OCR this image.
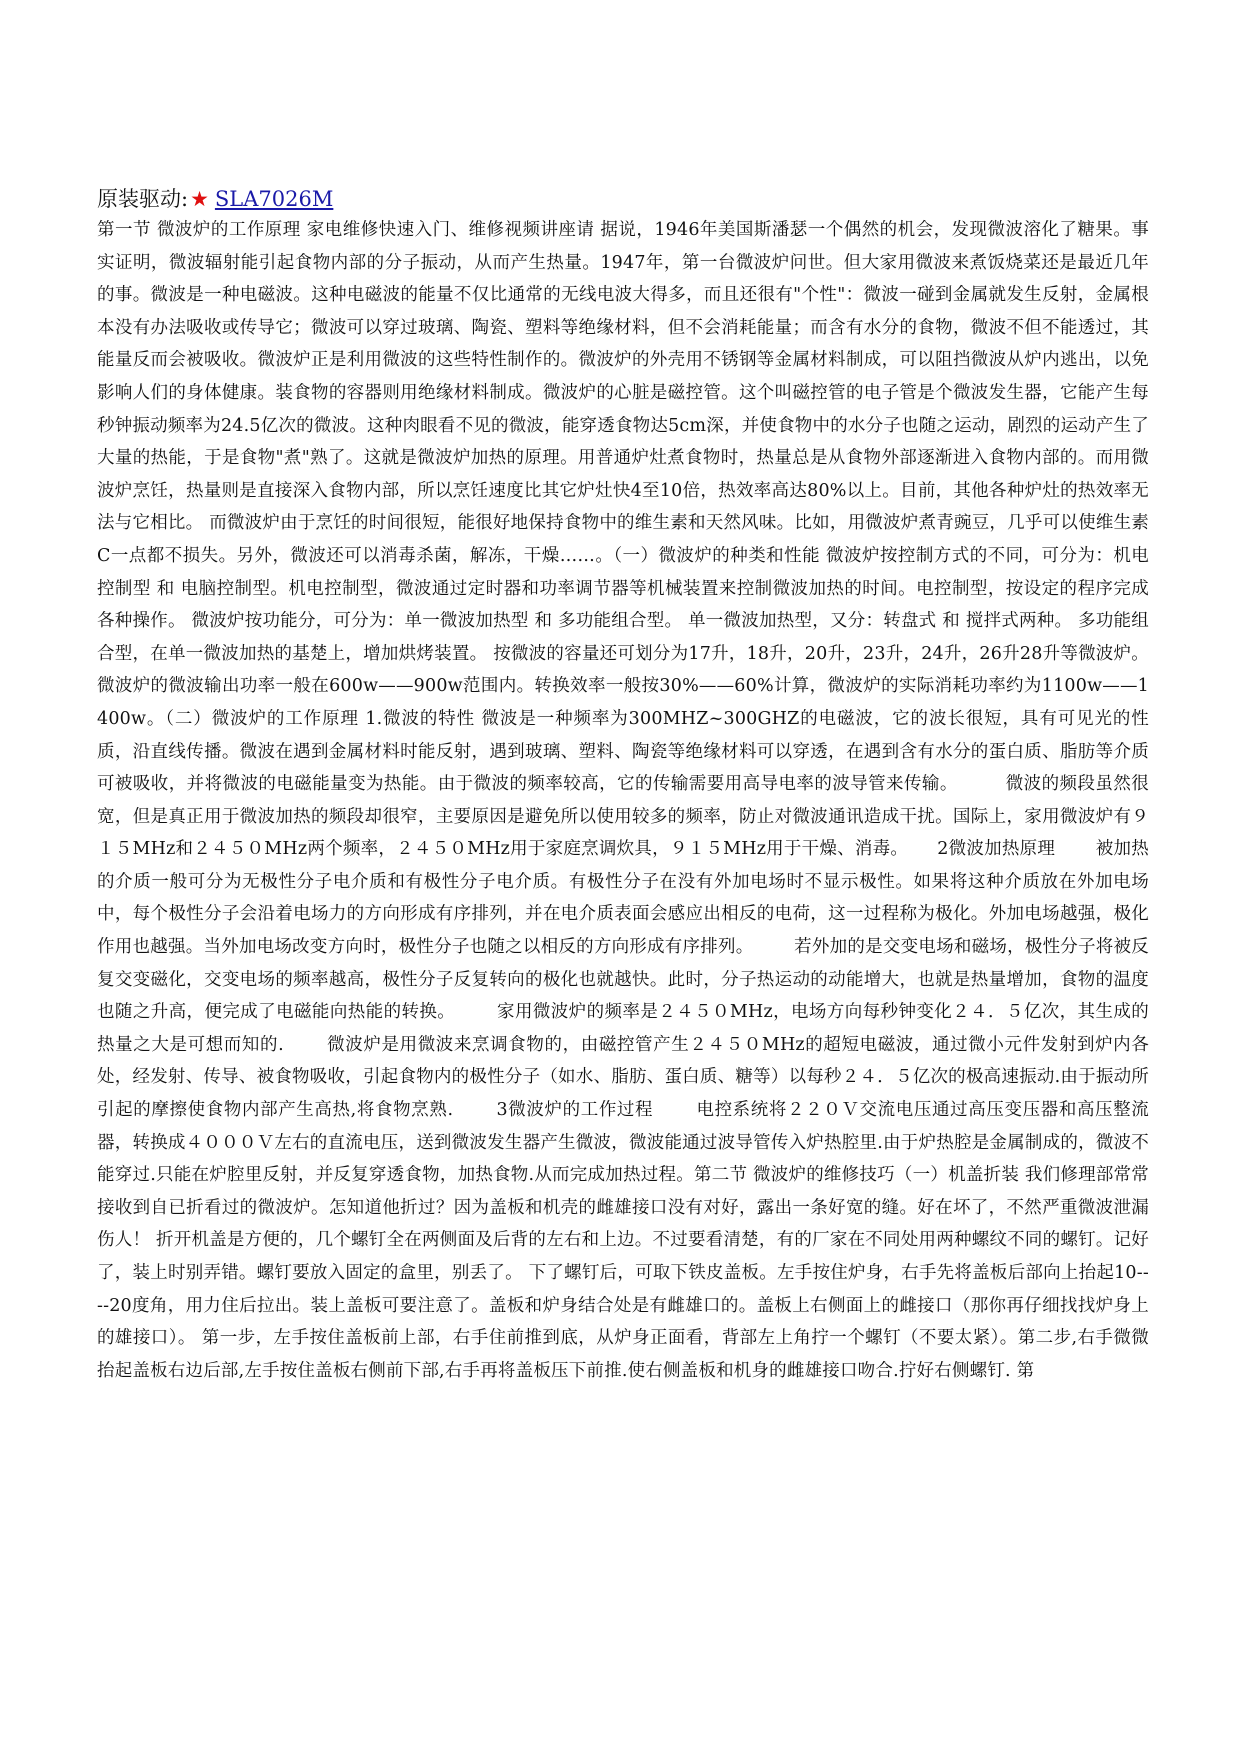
原装驱动:★ SLA7026M
第一节 微波炉的工作原理 家电维修快速入门、维修视频讲座请 据说，1946年美国斯潘瑟一个偶然的机会，发现微波溶化了糖果。事实证明，微波辐射能引起食物内部的分子振动，从而产生热量。1947年，第一台微波炉问世。但大家用微波来煮饭烧菜还是最近几年的事。微波是一种电磁波。这种电磁波的能量不仅比通常的无线电波大得多，而且还很有"个性"：微波一碰到金属就发生反射，金属根本没有办法吸收或传导它；微波可以穿过玻璃、陶瓷、塑料等绝缘材料，但不会消耗能量；而含有水分的食物，微波不但不能透过，其能量反而会被吸收。微波炉正是利用微波的这些特性制作的。微波炉的外壳用不锈钢等金属材料制成，可以阻挡微波从炉内逃出，以免影响人们的身体健康。装食物的容器则用绝缘材料制成。微波炉的心脏是磁控管。这个叫磁控管的电子管是个微波发生器，它能产生每秒钟振动频率为24.5亿次的微波。这种肉眼看不见的微波，能穿透食物达5cm深，并使食物中的水分子也随之运动，剧烈的运动产生了大量的热能，于是食物"煮"熟了。这就是微波炉加热的原理。用普通炉灶煮食物时，热量总是从食物外部逐渐进入食物内部的。而用微波炉烹饪，热量则是直接深入食物内部，所以烹饪速度比其它炉灶快4至10倍，热效率高达80%以上。目前，其他各种炉灶的热效率无法与它相比。 而微波炉由于烹饪的时间很短，能很好地保持食物中的维生素和天然风味。比如，用微波炉煮青豌豆，几乎可以使维生素C一点都不损失。另外，微波还可以消毒杀菌，解冻，干燥……。（一）微波炉的种类和性能 微波炉按控制方式的不同，可分为：机电控制型 和 电脑控制型。机电控制型，微波通过定时器和功率调节器等机械装置来控制微波加热的时间。电控制型，按设定的程序完成各种操作。 微波炉按功能分，可分为：单一微波加热型 和 多功能组合型。 单一微波加热型，又分：转盘式 和 搅拌式两种。 多功能组合型，在单一微波加热的基楚上，增加烘烤装置。 按微波的容量还可划分为17升，18升，20升，23升，24升，26升28升等微波炉。 微波炉的微波输出功率一般在600w——900w范围内。转换效率一般按30%——60%计算，微波炉的实际消耗功率约为1100w——1400w。（二）微波炉的工作原理 1.微波的特性 微波是一种频率为300MHZ~300GHZ的电磁波，它的波长很短，具有可见光的性质，沿直线传播。微波在遇到金属材料时能反射，遇到玻璃、塑料、陶瓷等绝缘材料可以穿透，在遇到含有水分的蛋白质、脂肪等介质可被吸收，并将微波的电磁能量变为热能。由于微波的频率较高，它的传输需要用高导电率的波导管来传输。        微波的频段虽然很宽，但是真正用于微波加热的频段却很窄，主要原因是避免所以使用较多的频率，防止对微波通讯造成干扰。国际上，家用微波炉有９１５MHz和２４５０MHz两个频率，２４５０MHz用于家庭烹调炊具，９１５MHz用于干燥、消毒。     2微波加热原理       被加热的介质一般可分为无极性分子电介质和有极性分子电介质。有极性分子在没有外加电场时不显示极性。如果将这种介质放在外加电场中，每个极性分子会沿着电场力的方向形成有序排列，并在电介质表面会感应出相反的电荷，这一过程称为极化。外加电场越强，极化作用也越强。当外加电场改变方向时，极性分子也随之以相反的方向形成有序排列。       若外加的是交变电场和磁场，极性分子将被反复交变磁化，交变电场的频率越高，极性分子反复转向的极化也就越快。此时，分子热运动的动能增大，也就是热量增加，食物的温度也随之升高，便完成了电磁能向热能的转换。       家用微波炉的频率是２４５０MHz，电场方向每秒钟变化２４．５亿次，其生成的热量之大是可想而知的.       微波炉是用微波来烹调食物的，由磁控管产生２４５０MHz的超短电磁波，通过微小元件发射到炉内各处，经发射、传导、被食物吸收，引起食物内的极性分子（如水、脂肪、蛋白质、糖等）以每秒２４．５亿次的极高速振动.由于振动所引起的摩擦使食物内部产生高热,将食物烹熟.       3微波炉的工作过程       电控系统将２２０Ｖ交流电压通过高压变压器和高压整流器，转换成４０００Ｖ左右的直流电压，送到微波发生器产生微波，微波能通过波导管传入炉热腔里.由于炉热腔是金属制成的，微波不能穿过.只能在炉腔里反射，并反复穿透食物，加热食物.从而完成加热过程。第二节 微波炉的维修技巧（一）机盖折装 我们修理部常常接收到自已折看过的微波炉。怎知道他折过？因为盖板和机壳的雌雄接口没有对好，露出一条好宽的缝。好在坏了，不然严重微波泄漏伤人！ 折开机盖是方便的，几个螺钉全在两侧面及后背的左右和上边。不过要看清楚，有的厂家在不同处用两种螺纹不同的螺钉。记好了，装上时别弄错。螺钉要放入固定的盒里，别丢了。 下了螺钉后，可取下铁皮盖板。左手按住炉身，右手先将盖板后部向上抬起10----20度角，用力住后拉出。装上盖板可要注意了。盖板和炉身结合处是有雌雄口的。盖板上右侧面上的雌接口（那你再仔细找找炉身上的雄接口）。 第一步，左手按住盖板前上部，右手住前推到底，从炉身正面看，背部左上角拧一个螺钉（不要太紧）。第二步,右手微微抬起盖板右边后部,左手按住盖板右侧前下部,右手再将盖板压下前推.使右侧盖板和机身的雌雄接口吻合.拧好右侧螺钉. 第
